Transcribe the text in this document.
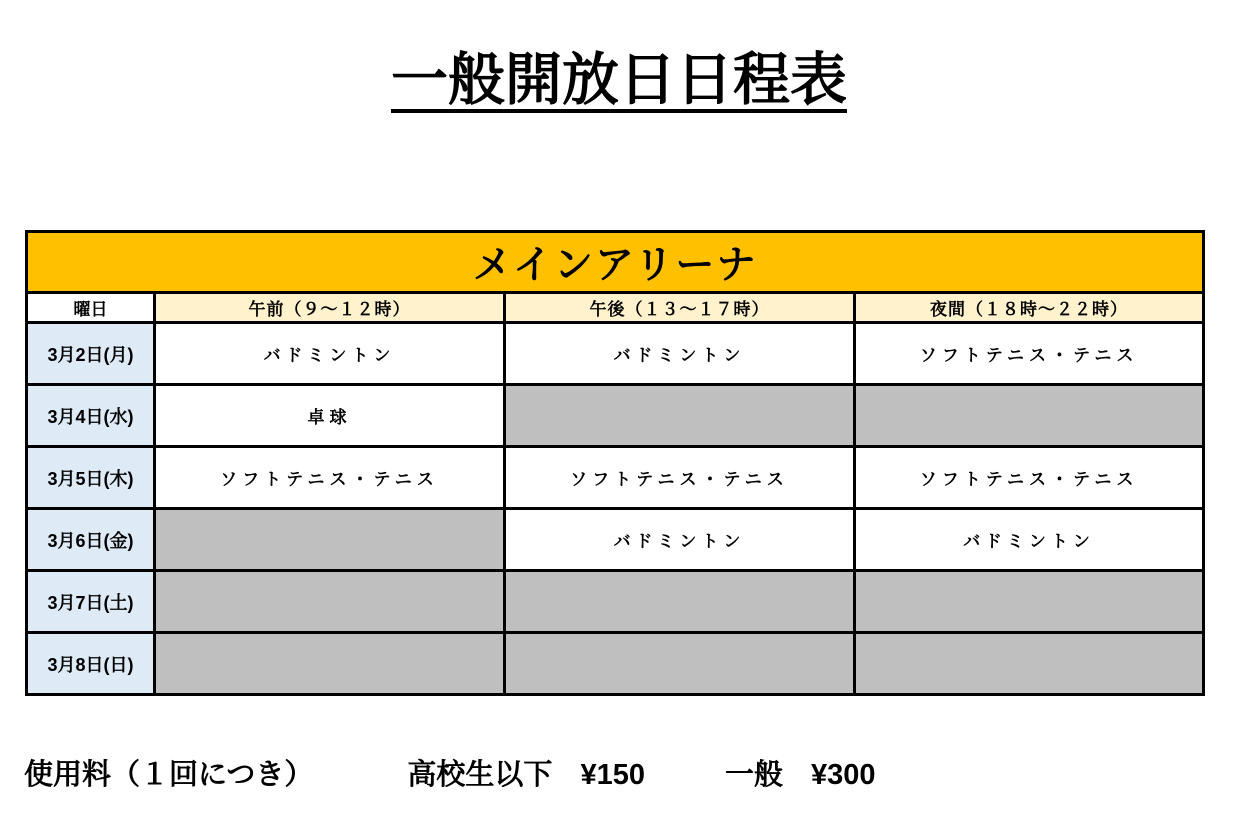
一般開放日日程表
メインアリーナ			
曜日	午前（９～１２時）	午後（１３～１７時）	夜間（１８時～２２時）
3月2日(月)	バドミントン	バドミントン	ソフトテニス・テニス
3月4日(水)	卓球		
3月5日(木)	ソフトテニス・テニス	ソフトテニス・テニス	ソフトテニス・テニス
3月6日(金)		バドミントン	バドミントン
3月7日(土)			
3月8日(日)			
使用料（１回につき）	高校生以下 ¥150	一般 ¥300
